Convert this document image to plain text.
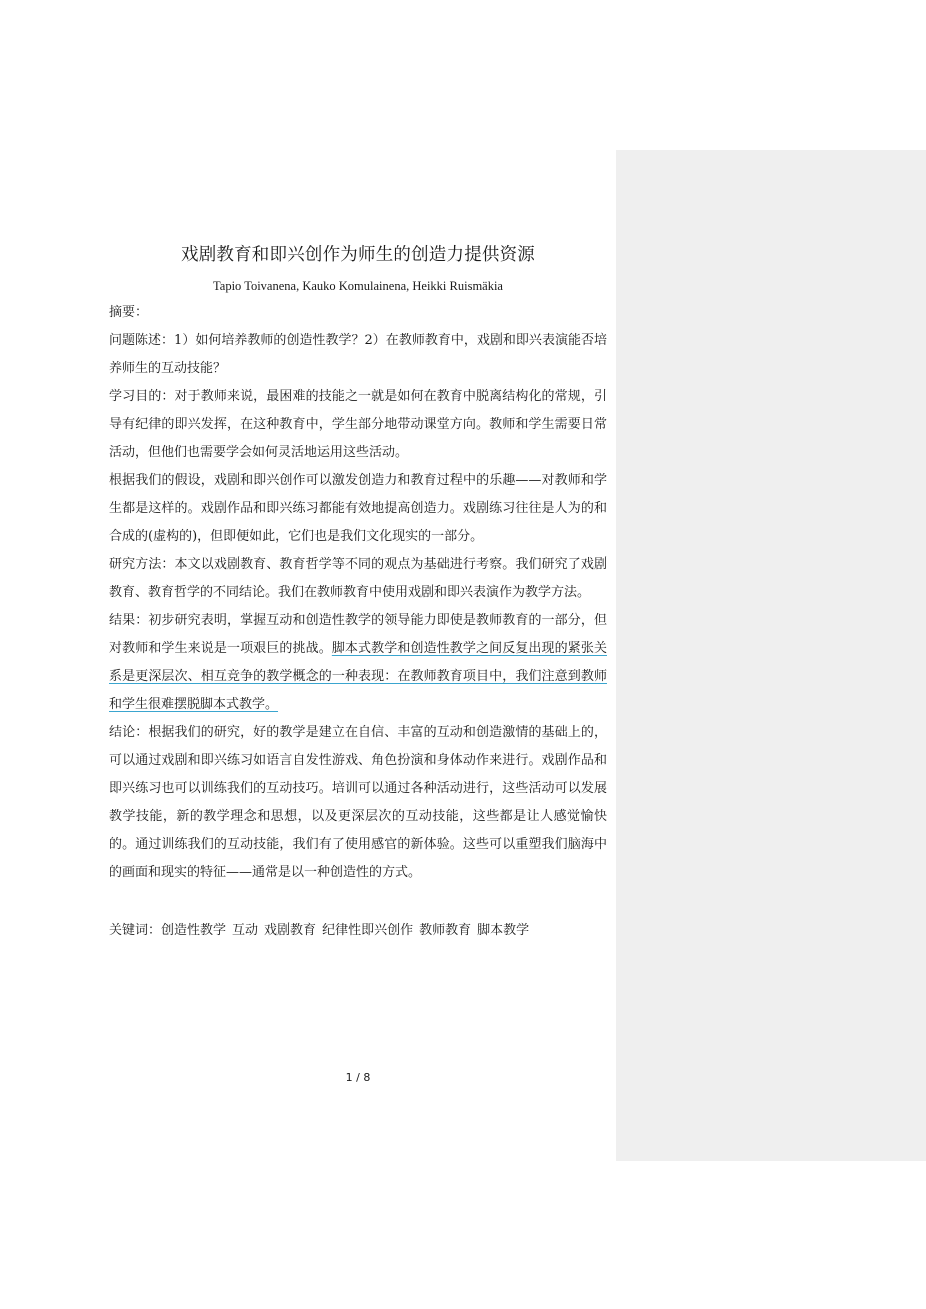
戏剧教育和即兴创作为师生的创造力提供资源
Tapio Toivanena, Kauko Komulainena, Heikki Ruismäkia
摘要：

问题陈述：1）如何培养教师的创造性教学？2）在教师教育中，戏剧和即兴表演能否培养师生的互动技能？

学习目的：对于教师来说，最困难的技能之一就是如何在教育中脱离结构化的常规，引导有纪律的即兴发挥，在这种教育中，学生部分地带动课堂方向。教师和学生需要日常活动，但他们也需要学会如何灵活地运用这些活动。

根据我们的假设，戏剧和即兴创作可以激发创造力和教育过程中的乐趣——对教师和学生都是这样的。戏剧作品和即兴练习都能有效地提高创造力。戏剧练习往往是人为的和合成的(虚构的)，但即便如此，它们也是我们文化现实的一部分。

研究方法：本文以戏剧教育、教育哲学等不同的观点为基础进行考察。我们研究了戏剧教育、教育哲学的不同结论。我们在教师教育中使用戏剧和即兴表演作为教学方法。

结果：初步研究表明，掌握互动和创造性教学的领导能力即使是教师教育的一部分，但对教师和学生来说是一项艰巨的挑战。脚本式教学和创造性教学之间反复出现的紧张关系是更深层次、相互竞争的教学概念的一种表现：在教师教育项目中，我们注意到教师和学生很难摆脱脚本式教学。

结论：根据我们的研究，好的教学是建立在自信、丰富的互动和创造激情的基础上的，可以通过戏剧和即兴练习如语言自发性游戏、角色扮演和身体动作来进行。戏剧作品和即兴练习也可以训练我们的互动技巧。培训可以通过各种活动进行，这些活动可以发展教学技能，新的教学理念和思想，以及更深层次的互动技能，这些都是让人感觉愉快的。通过训练我们的互动技能，我们有了使用感官的新体验。这些可以重塑我们脑海中的画面和现实的特征——通常是以一种创造性的方式。

关键词：创造性教学 互动 戏剧教育 纪律性即兴创作 教师教育 脚本教学
1 / 8
